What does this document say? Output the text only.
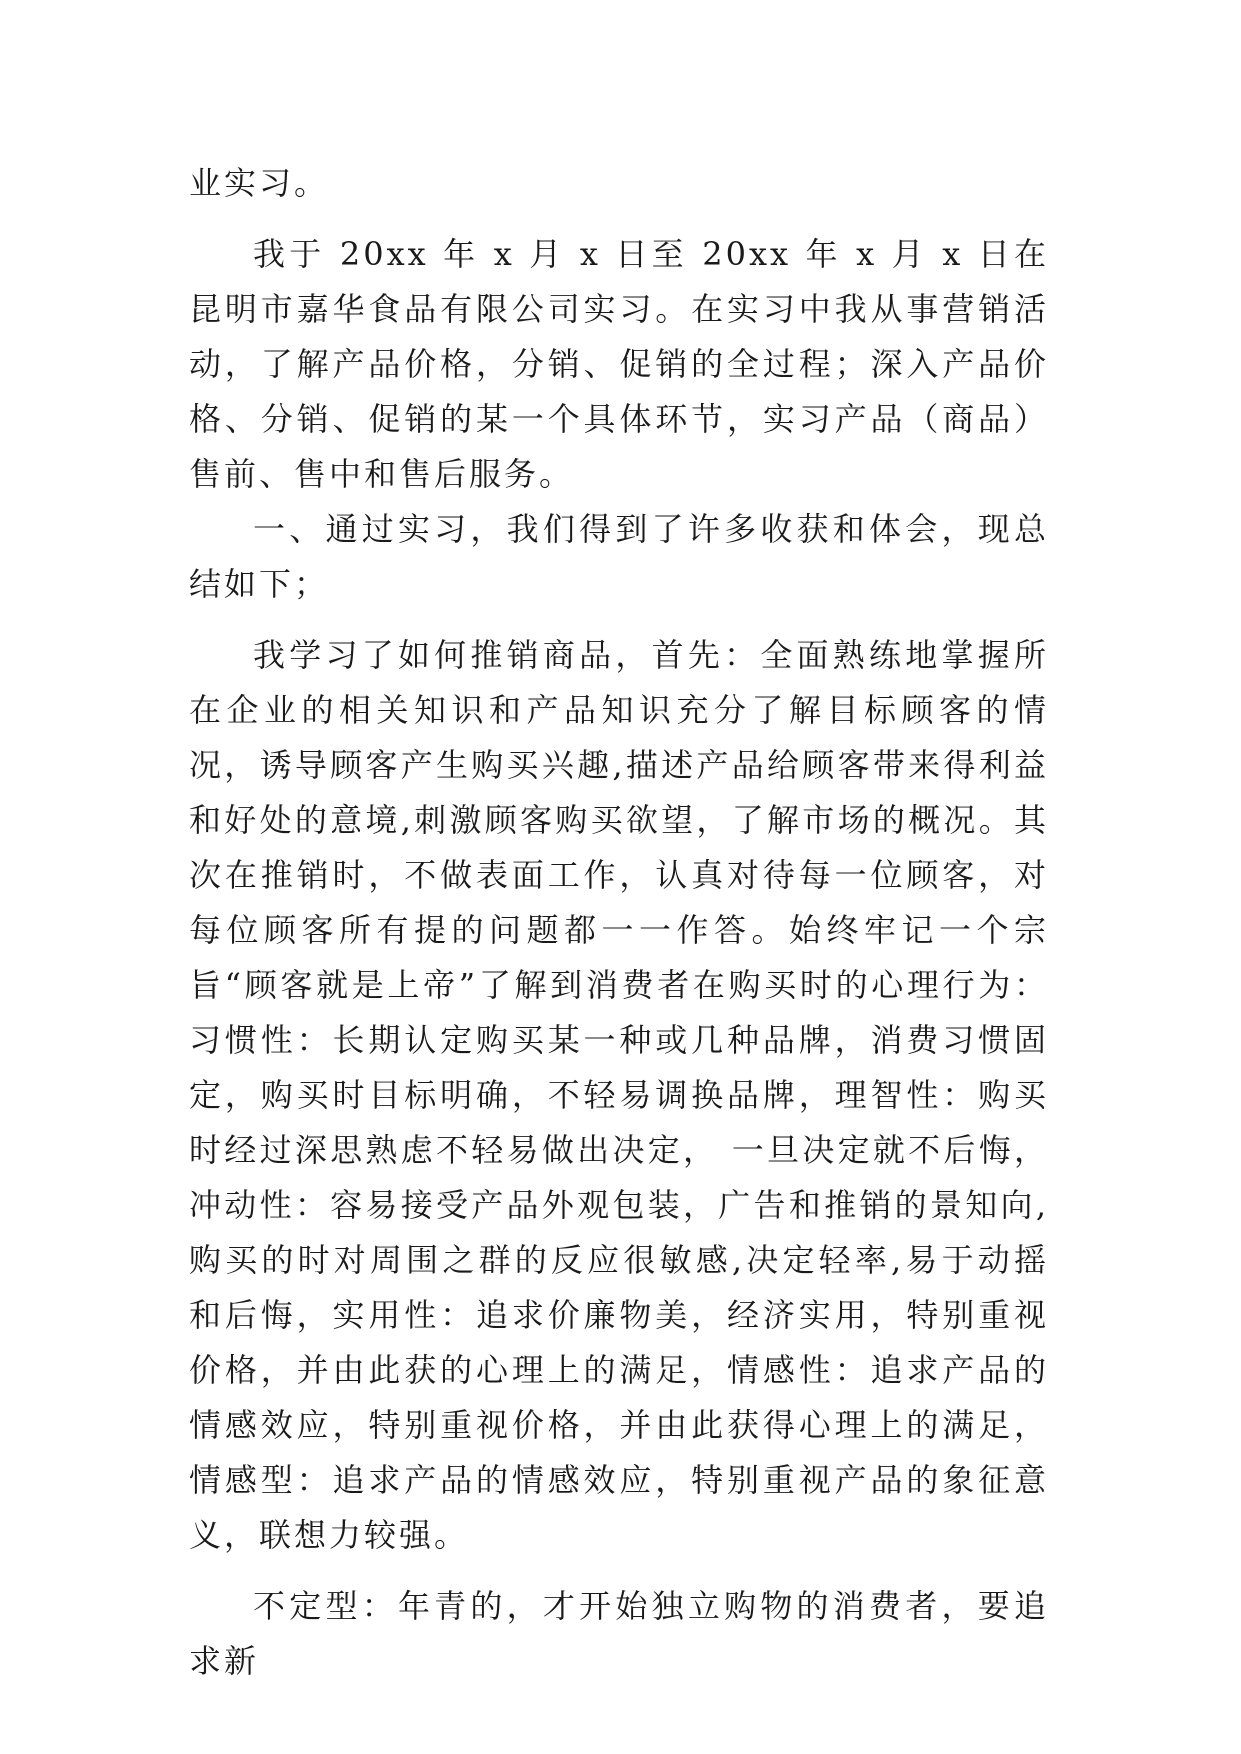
业实习。

我于 20xx 年 x 月 x 日至 20xx 年 x 月 x 日在昆明市嘉华食品有限公司实习。在实习中我从事营销活动，了解产品价格，分销、促销的全过程；深入产品价格、分销、促销的某一个具体环节，实习产品（商品）售前、售中和售后服务。

一、通过实习，我们得到了许多收获和体会，现总结如下；

我学习了如何推销商品，首先：全面熟练地掌握所在企业的相关知识和产品知识充分了解目标顾客的情况，诱导顾客产生购买兴趣,描述产品给顾客带来得利益和好处的意境,刺激顾客购买欲望，了解市场的概况。其次在推销时，不做表面工作，认真对待每一位顾客，对每位顾客所有提的问题都一一作答。始终牢记一个宗旨“顾客就是上帝”了解到消费者在购买时的心理行为：习惯性：长期认定购买某一种或几种品牌，消费习惯固定，购买时目标明确，不轻易调换品牌，理智性：购买时经过深思熟虑不轻易做出决定， 一旦决定就不后悔，冲动性：容易接受产品外观包装，广告和推销的景知向,购买的时对周围之群的反应很敏感,决定轻率,易于动摇和后悔，实用性：追求价廉物美，经济实用，特别重视价格，并由此获的心理上的满足，情感性：追求产品的情感效应，特别重视价格，并由此获得心理上的满足，情感型：追求产品的情感效应，特别重视产品的象征意义，联想力较强。

不定型：年青的，才开始独立购物的消费者，要追求新
